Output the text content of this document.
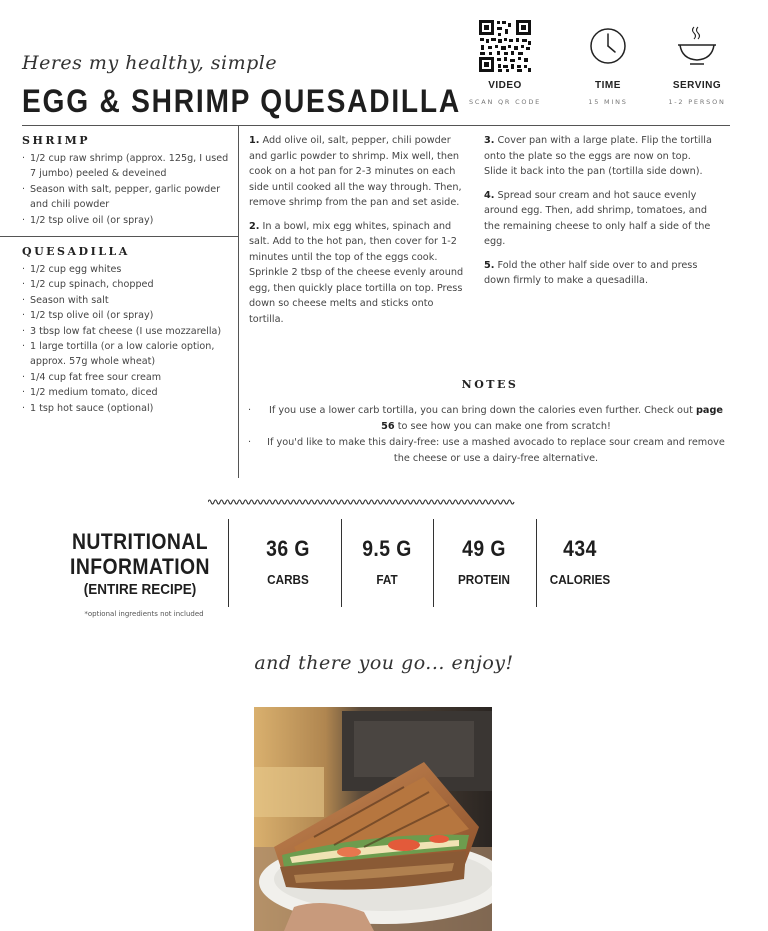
Heres my healthy, simple
EGG & SHRIMP QUESADILLA	VIDEO
SCAN QR CODE
TIME
15 MINS
SERVING
1-2 PERSON
SHRIMP
· 1/2 cup raw shrimp (approx. 125g, I used 7 jumbo) peeled & deveined
· Season with salt, pepper, garlic powder and chili powder
· 1/2 tsp olive oil (or spray)
QUESADILLA
· 1/2 cup egg whites
· 1/2 cup spinach, chopped
· Season with salt
· 1/2 tsp olive oil (or spray)
· 3 tbsp low fat cheese (I use mozzarella)
· 1 large tortilla (or a low calorie option, approx. 57g whole wheat)
· 1/4 cup fat free sour cream
· 1/2 medium tomato, diced
· 1 tsp hot sauce (optional)

1. Add olive oil, salt, pepper, chili powder and garlic powder to shrimp. Mix well, then cook on a hot pan for 2-3 minutes on each side until cooked all the way through. Then, remove shrimp from the pan and set aside.

2. In a bowl, mix egg whites, spinach and salt. Add to the hot pan, then cover for 1-2 minutes until the top of the eggs cook. Sprinkle 2 tbsp of the cheese evenly around egg, then quickly place tortilla on top. Press down so cheese melts and sticks onto tortilla.

3. Cover pan with a large plate. Flip the tortilla onto the plate so the eggs are now on top. Slide it back into the pan (tortilla side down).

4. Spread sour cream and hot sauce evenly around egg. Then, add shrimp, tomatoes, and the remaining cheese to only half a side of the egg.

5. Fold the other half side over to and press down firmly to make a quesadilla.

NOTES
· If you use a lower carb tortilla, you can bring down the calories even further. Check out page 56 to see how you can make one from scratch!
· If you'd like to make this dairy-free: use a mashed avocado to replace sour cream and remove the cheese or use a dairy-free alternative.
NUTRITIONAL
INFORMATION
(ENTIRE RECIPE)
*optional ingredients not included
36 G
CARBS
9.5 G
FAT
49 G
PROTEIN
434
CALORIES
and there you go... enjoy!
